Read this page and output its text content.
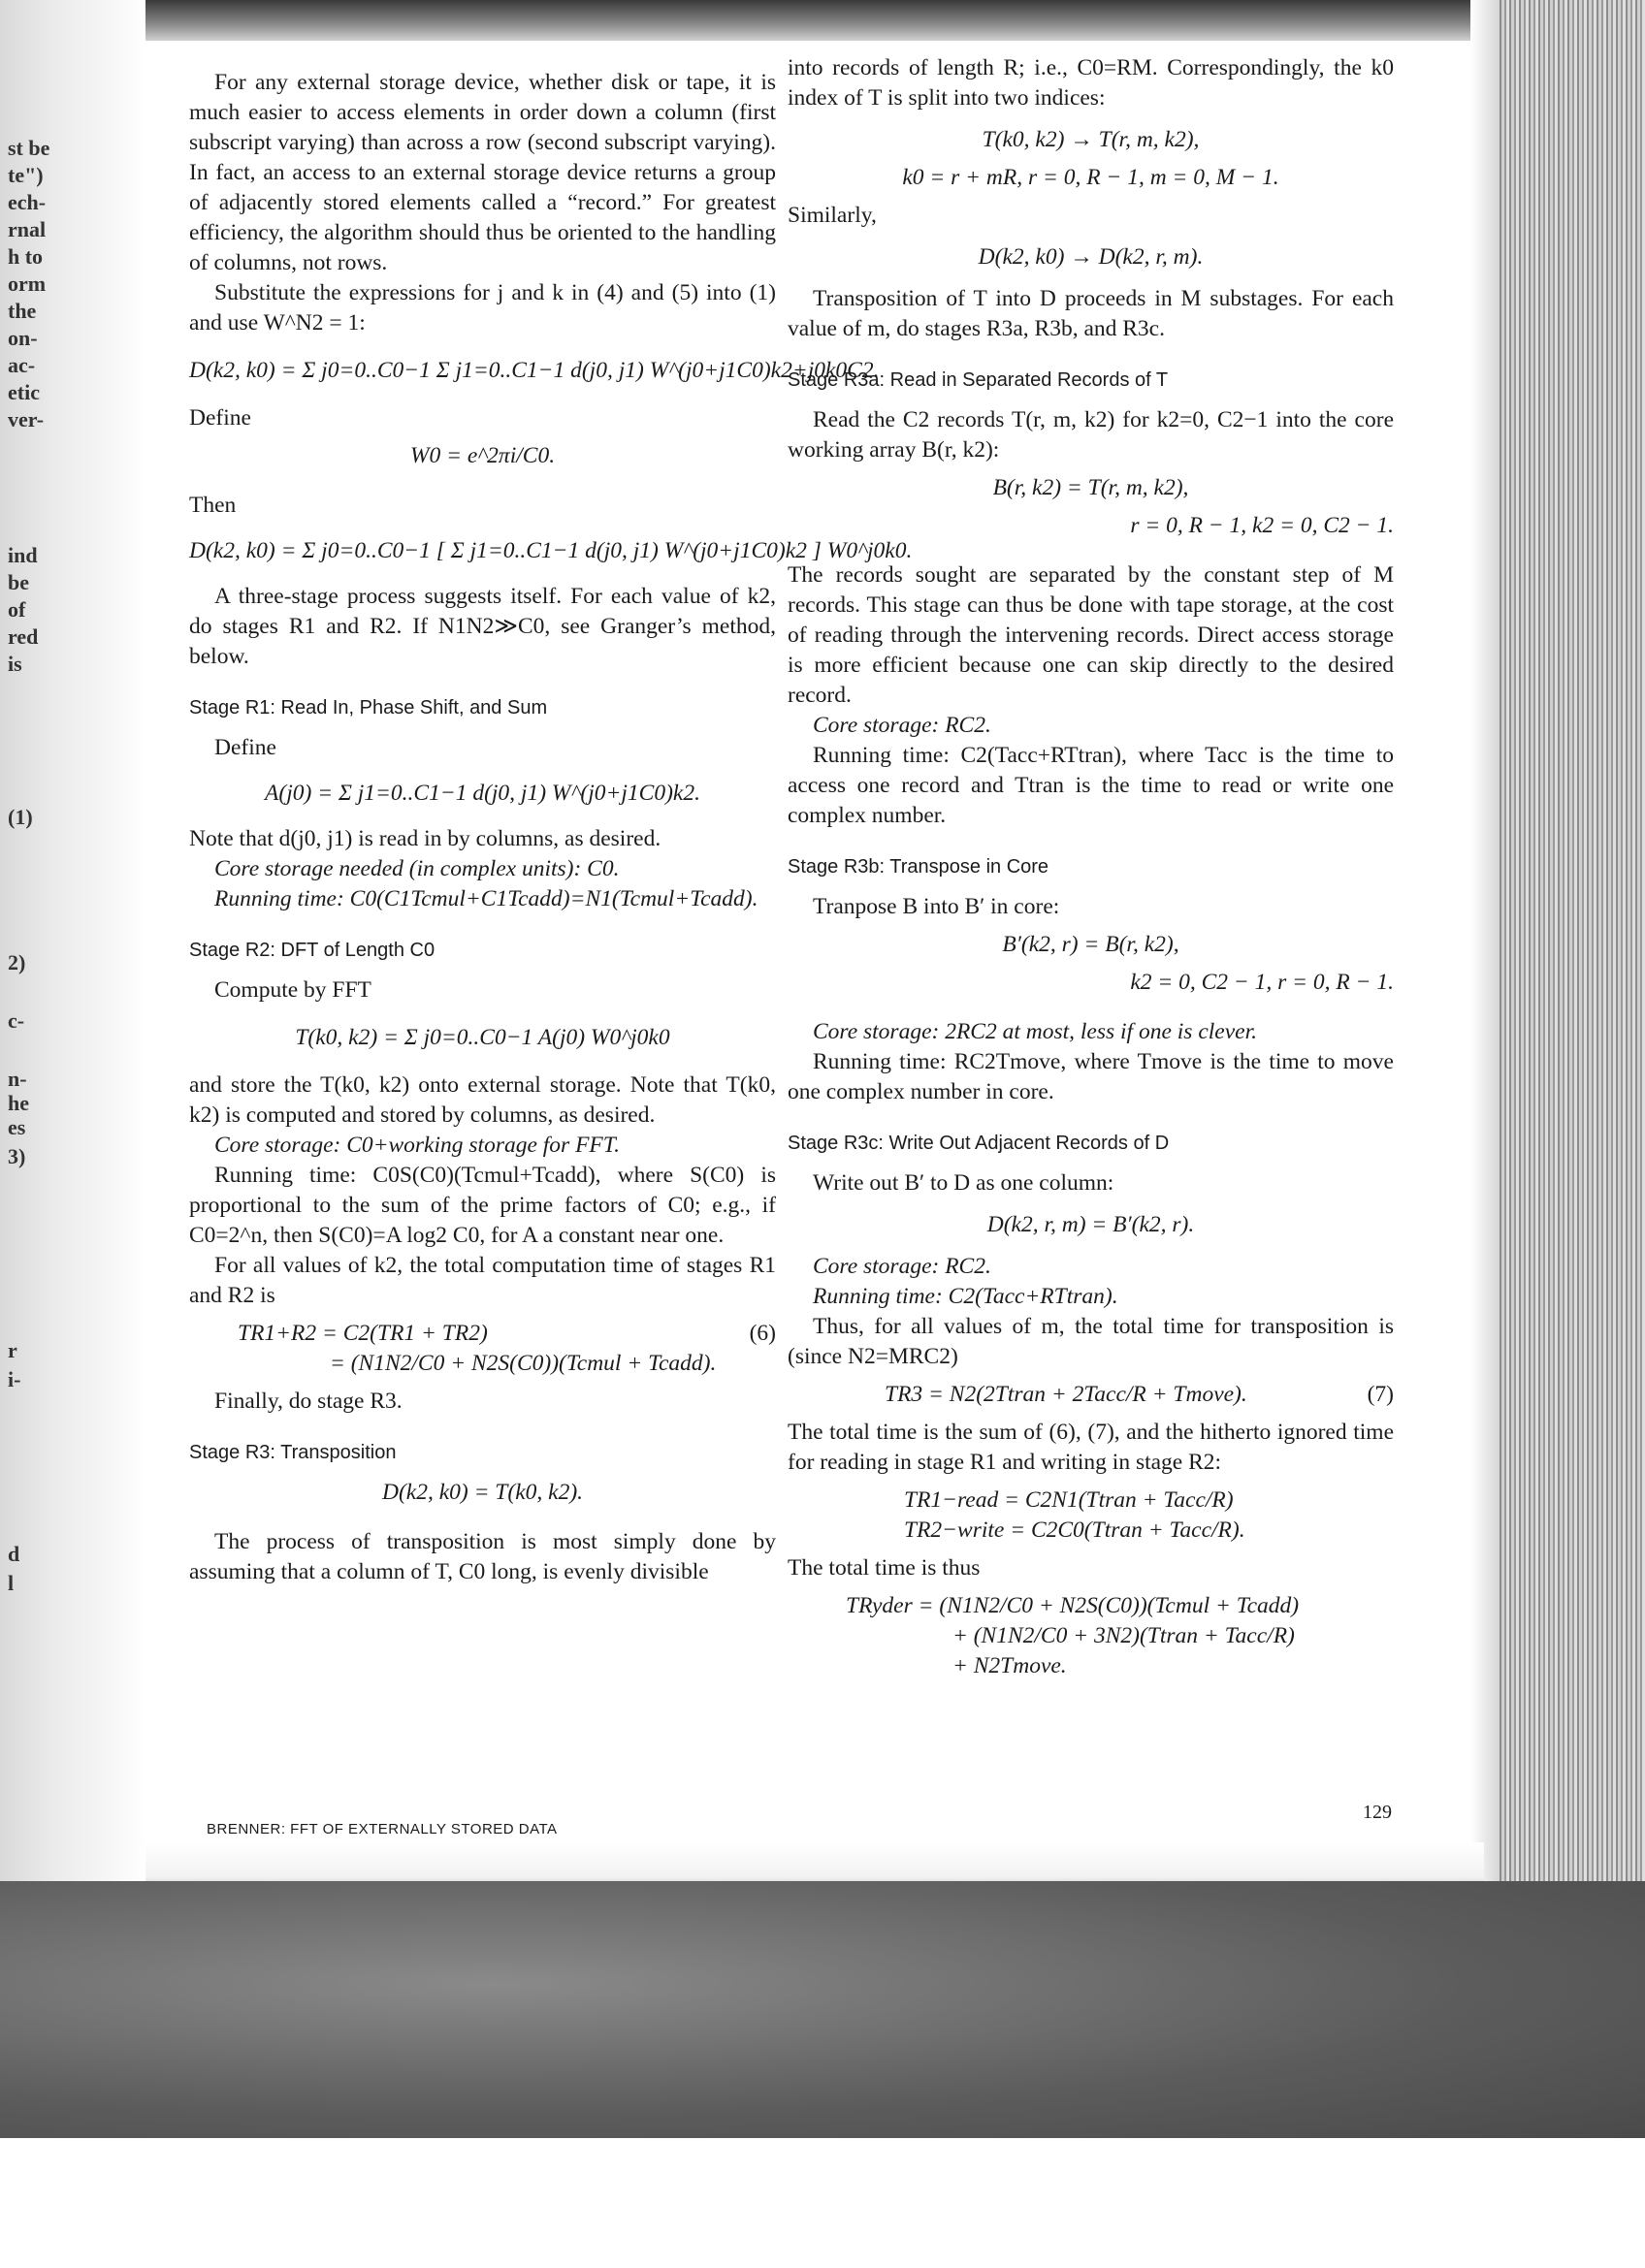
st be
te")
ech-
rnal
h to
orm
the
on-
ac-
etic
ver-
ind
be
of
red
is
(1)
2)
c-
n-
he
es
3)
r
i-
d
l

For any external storage device, whether disk or tape, it is much easier to access elements in order down a column (first subscript varying) than across a row (second subscript varying). In fact, an access to an external storage device returns a group of adjacently stored elements called a “record.” For greatest efficiency, the algorithm should thus be oriented to the handling of columns, not rows.

Substitute the expressions for j and k in (4) and (5) into (1) and use W^N2 = 1:

D(k2, k0) = Σ j0=0..C0−1 Σ j1=0..C1−1 d(j0, j1) W^(j0+j1C0)k2+j0k0C2.

Define

W0 = e^2πi/C0.

Then

D(k2, k0) = Σ j0=0..C0−1 [ Σ j1=0..C1−1 d(j0, j1) W^(j0+j1C0)k2 ] W0^j0k0.

A three-stage process suggests itself. For each value of k2, do stages R1 and R2. If N1N2≫C0, see Granger’s method, below.

Stage R1: Read In, Phase Shift, and Sum

Define

A(j0) = Σ j1=0..C1−1 d(j0, j1) W^(j0+j1C0)k2.

Note that d(j0, j1) is read in by columns, as desired.

Core storage needed (in complex units): C0.

Running time: C0(C1Tcmul+C1Tcadd)=N1(Tcmul+Tcadd).

Stage R2: DFT of Length C0

Compute by FFT

T(k0, k2) = Σ j0=0..C0−1 A(j0) W0^j0k0

and store the T(k0, k2) onto external storage. Note that T(k0, k2) is computed and stored by columns, as desired.

Core storage: C0+working storage for FFT.

Running time: C0S(C0)(Tcmul+Tcadd), where S(C0) is proportional to the sum of the prime factors of C0; e.g., if C0=2^n, then S(C0)=A log2 C0, for A a constant near one.

For all values of k2, the total computation time of stages R1 and R2 is

(6)
TR1+R2 = C2(TR1 + TR2)
= (N1N2/C0 + N2S(C0))(Tcmul + Tcadd).

Finally, do stage R3.

Stage R3: Transposition
D(k2, k0) = T(k0, k2).

The process of transposition is most simply done by assuming that a column of T, C0 long, is evenly divisible

into records of length R; i.e., C0=RM. Correspondingly, the k0 index of T is split into two indices:

T(k0, k2) → T(r, m, k2),
k0 = r + mR, r = 0, R − 1, m = 0, M − 1.

Similarly,

D(k2, k0) → D(k2, r, m).

Transposition of T into D proceeds in M substages. For each value of m, do stages R3a, R3b, and R3c.

Stage R3a: Read in Separated Records of T

Read the C2 records T(r, m, k2) for k2=0, C2−1 into the core working array B(r, k2):

B(r, k2) = T(r, m, k2),
r = 0, R − 1, k2 = 0, C2 − 1.

The records sought are separated by the constant step of M records. This stage can thus be done with tape storage, at the cost of reading through the intervening records. Direct access storage is more efficient because one can skip directly to the desired record.

Core storage: RC2.

Running time: C2(Tacc+RTtran), where Tacc is the time to access one record and Ttran is the time to read or write one complex number.

Stage R3b: Transpose in Core

Tranpose B into B′ in core:

B′(k2, r) = B(r, k2),
k2 = 0, C2 − 1, r = 0, R − 1.

Core storage: 2RC2 at most, less if one is clever.

Running time: RC2Tmove, where Tmove is the time to move one complex number in core.

Stage R3c: Write Out Adjacent Records of D

Write out B′ to D as one column:

D(k2, r, m) = B′(k2, r).

Core storage: RC2.

Running time: C2(Tacc+RTtran).

Thus, for all values of m, the total time for transposition is (since N2=MRC2)

(7)
TR3 = N2(2Ttran + 2Tacc/R + Tmove).

The total time is the sum of (6), (7), and the hitherto ignored time for reading in stage R1 and writing in stage R2:

TR1−read = C2N1(Ttran + Tacc/R)
TR2−write = C2C0(Ttran + Tacc/R).

The total time is thus

TRyder = (N1N2/C0 + N2S(C0))(Tcmul + Tcadd)
+ (N1N2/C0 + 3N2)(Ttran + Tacc/R)
+ N2Tmove.
BRENNER: FFT OF EXTERNALLY STORED DATA
129
